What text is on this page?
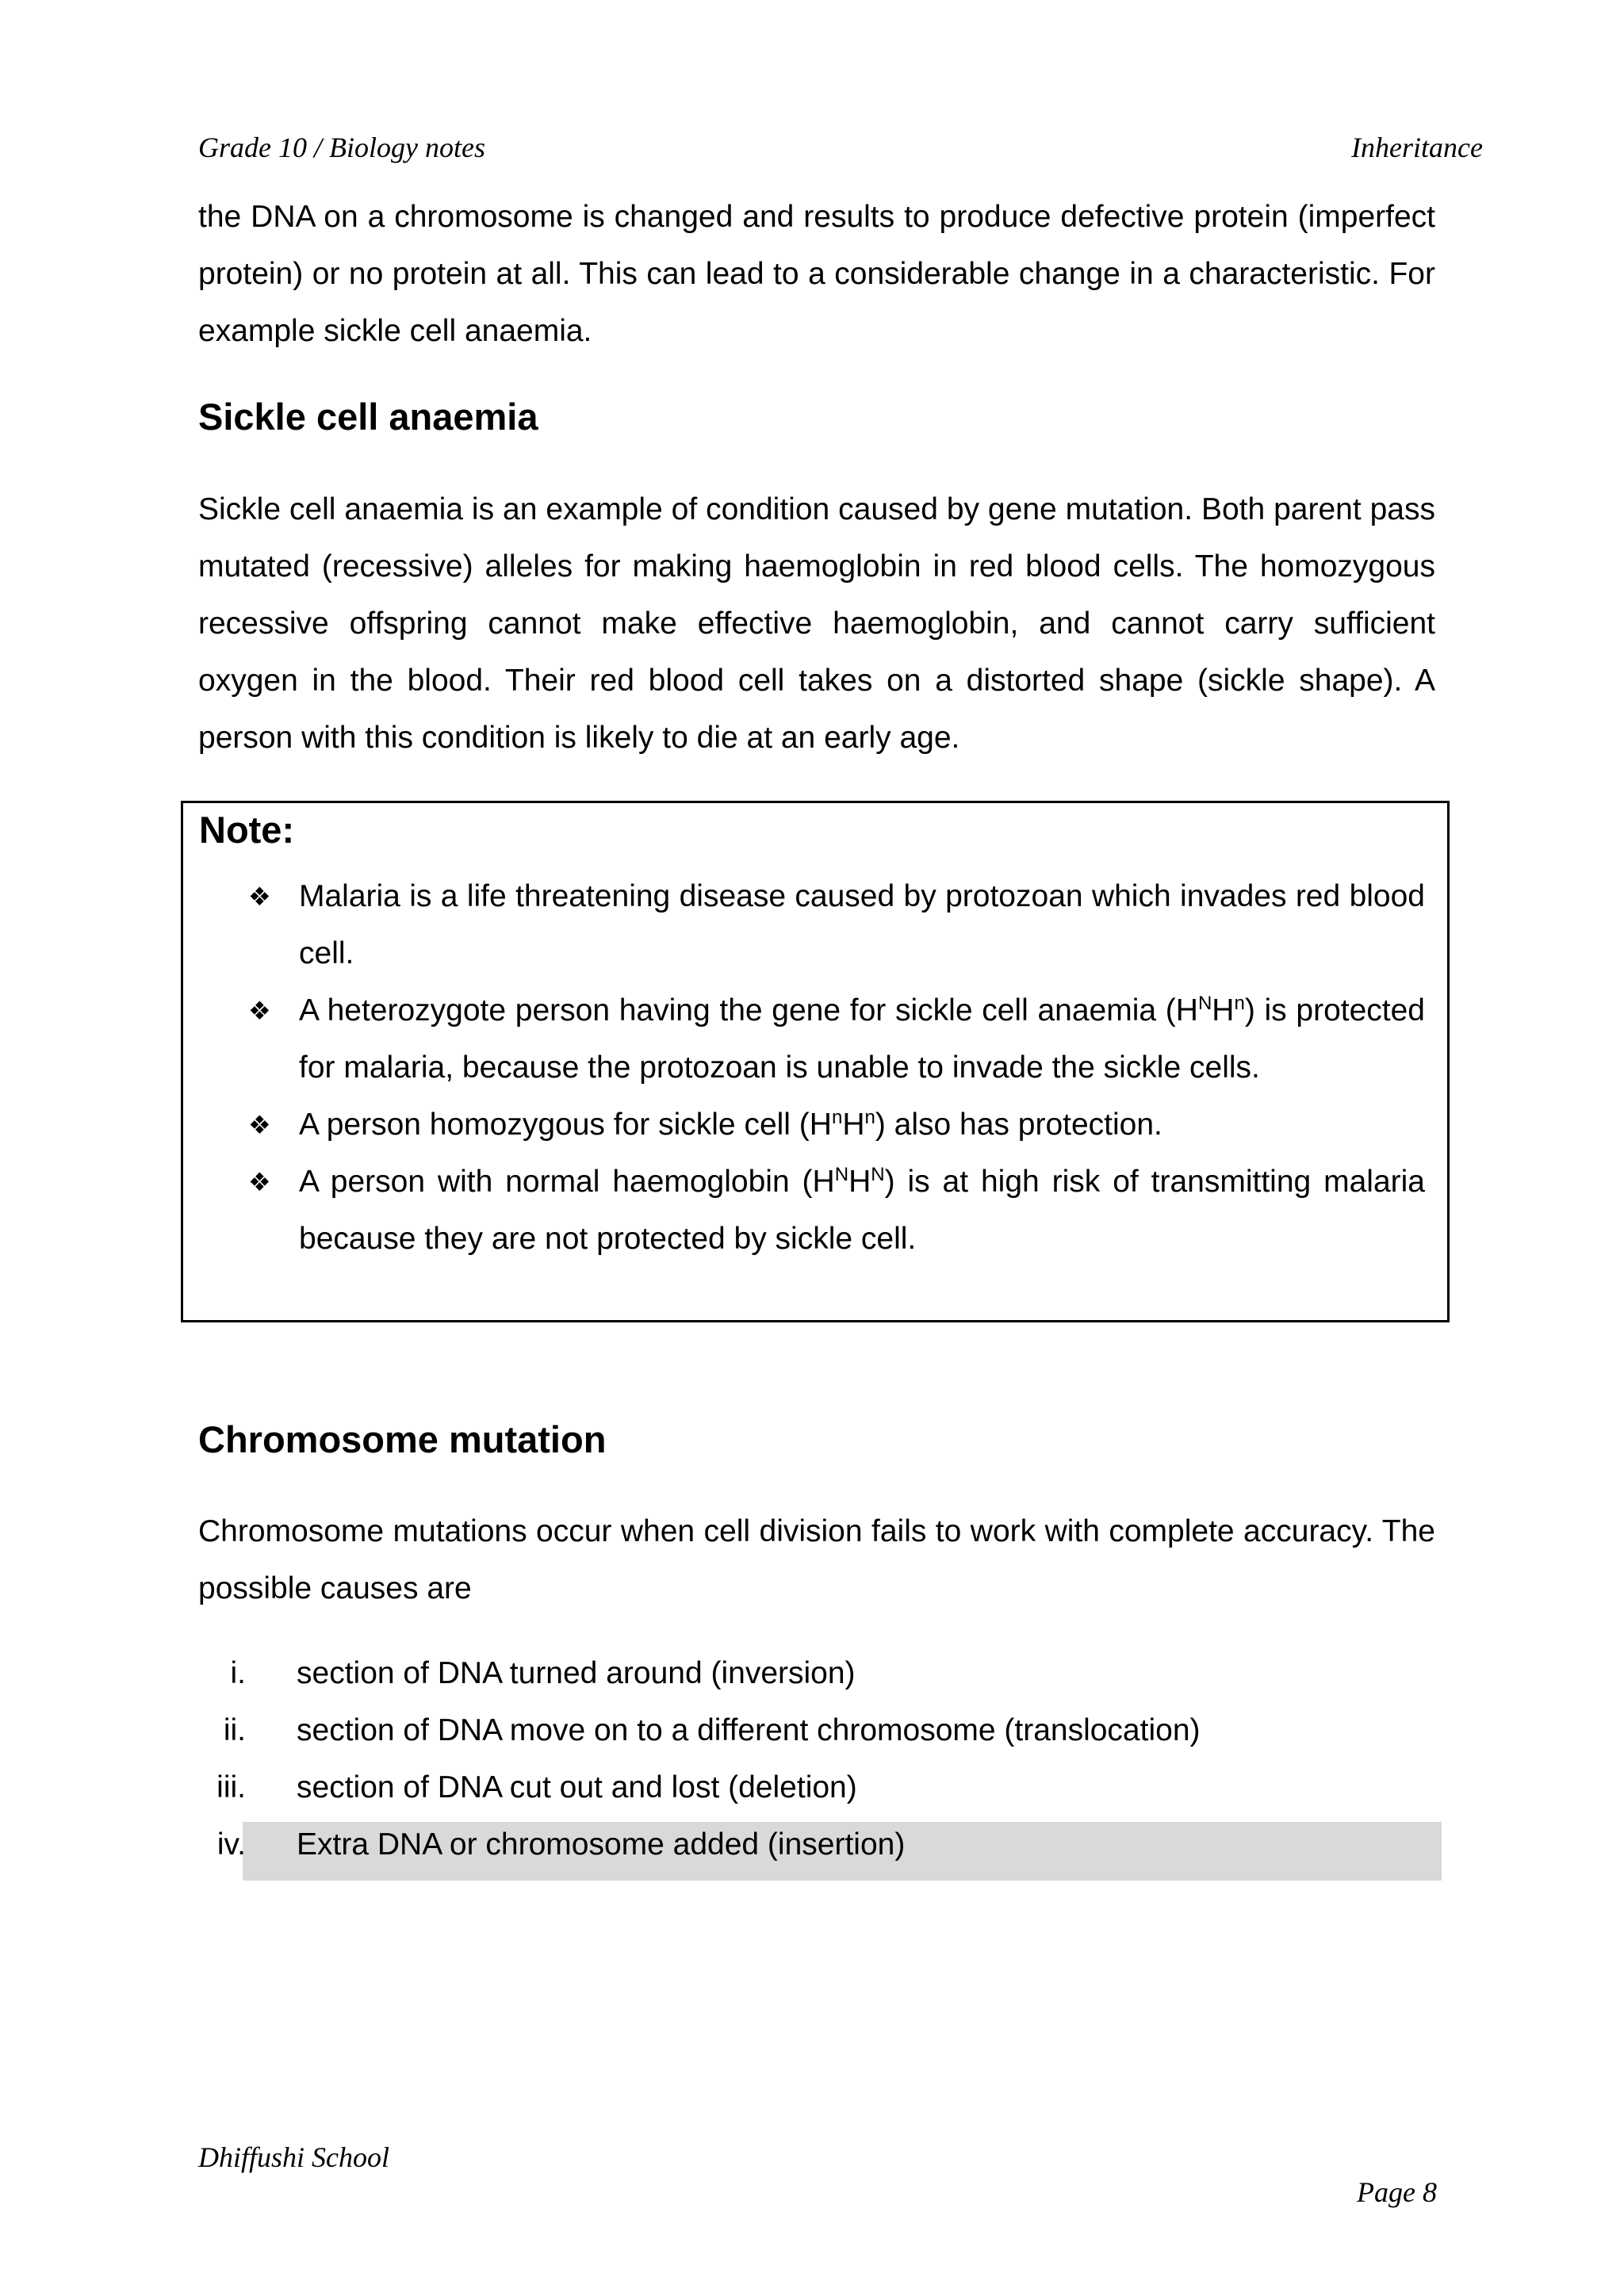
Grade 10 / Biology notes	Inheritance
the DNA on a chromosome is changed and results to produce defective protein (imperfect protein) or no protein at all. This can lead to a considerable change in a characteristic. For example sickle cell anaemia.
Sickle cell anaemia
Sickle cell anaemia is an example of condition caused by gene mutation. Both parent pass mutated (recessive) alleles for making haemoglobin in red blood cells. The homozygous recessive offspring cannot make effective haemoglobin, and cannot carry sufficient oxygen in the blood. Their red blood cell takes on a distorted shape (sickle shape). A person with this condition is likely to die at an early age.
Note:
❖ Malaria is a life threatening disease caused by protozoan which invades red blood cell.
❖ A heterozygote person having the gene for sickle cell anaemia $(H^NH^n)$ is protected for malaria, because the protozoan is unable to invade the sickle cells.
❖ A person homozygous for sickle cell $(H^nH^n)$ also has protection.
❖ A person with normal haemoglobin $(H^NH^N)$ is at high risk of transmitting malaria because they are not protected by sickle cell.
Chromosome mutation
Chromosome mutations occur when cell division fails to work with complete accuracy. The possible causes are
i. section of DNA turned around (inversion)
ii. section of DNA move on to a different chromosome (translocation)
iii. section of DNA cut out and lost (deletion)
iv. Extra DNA or chromosome added (insertion)
Dhiffushi School
Page 8
